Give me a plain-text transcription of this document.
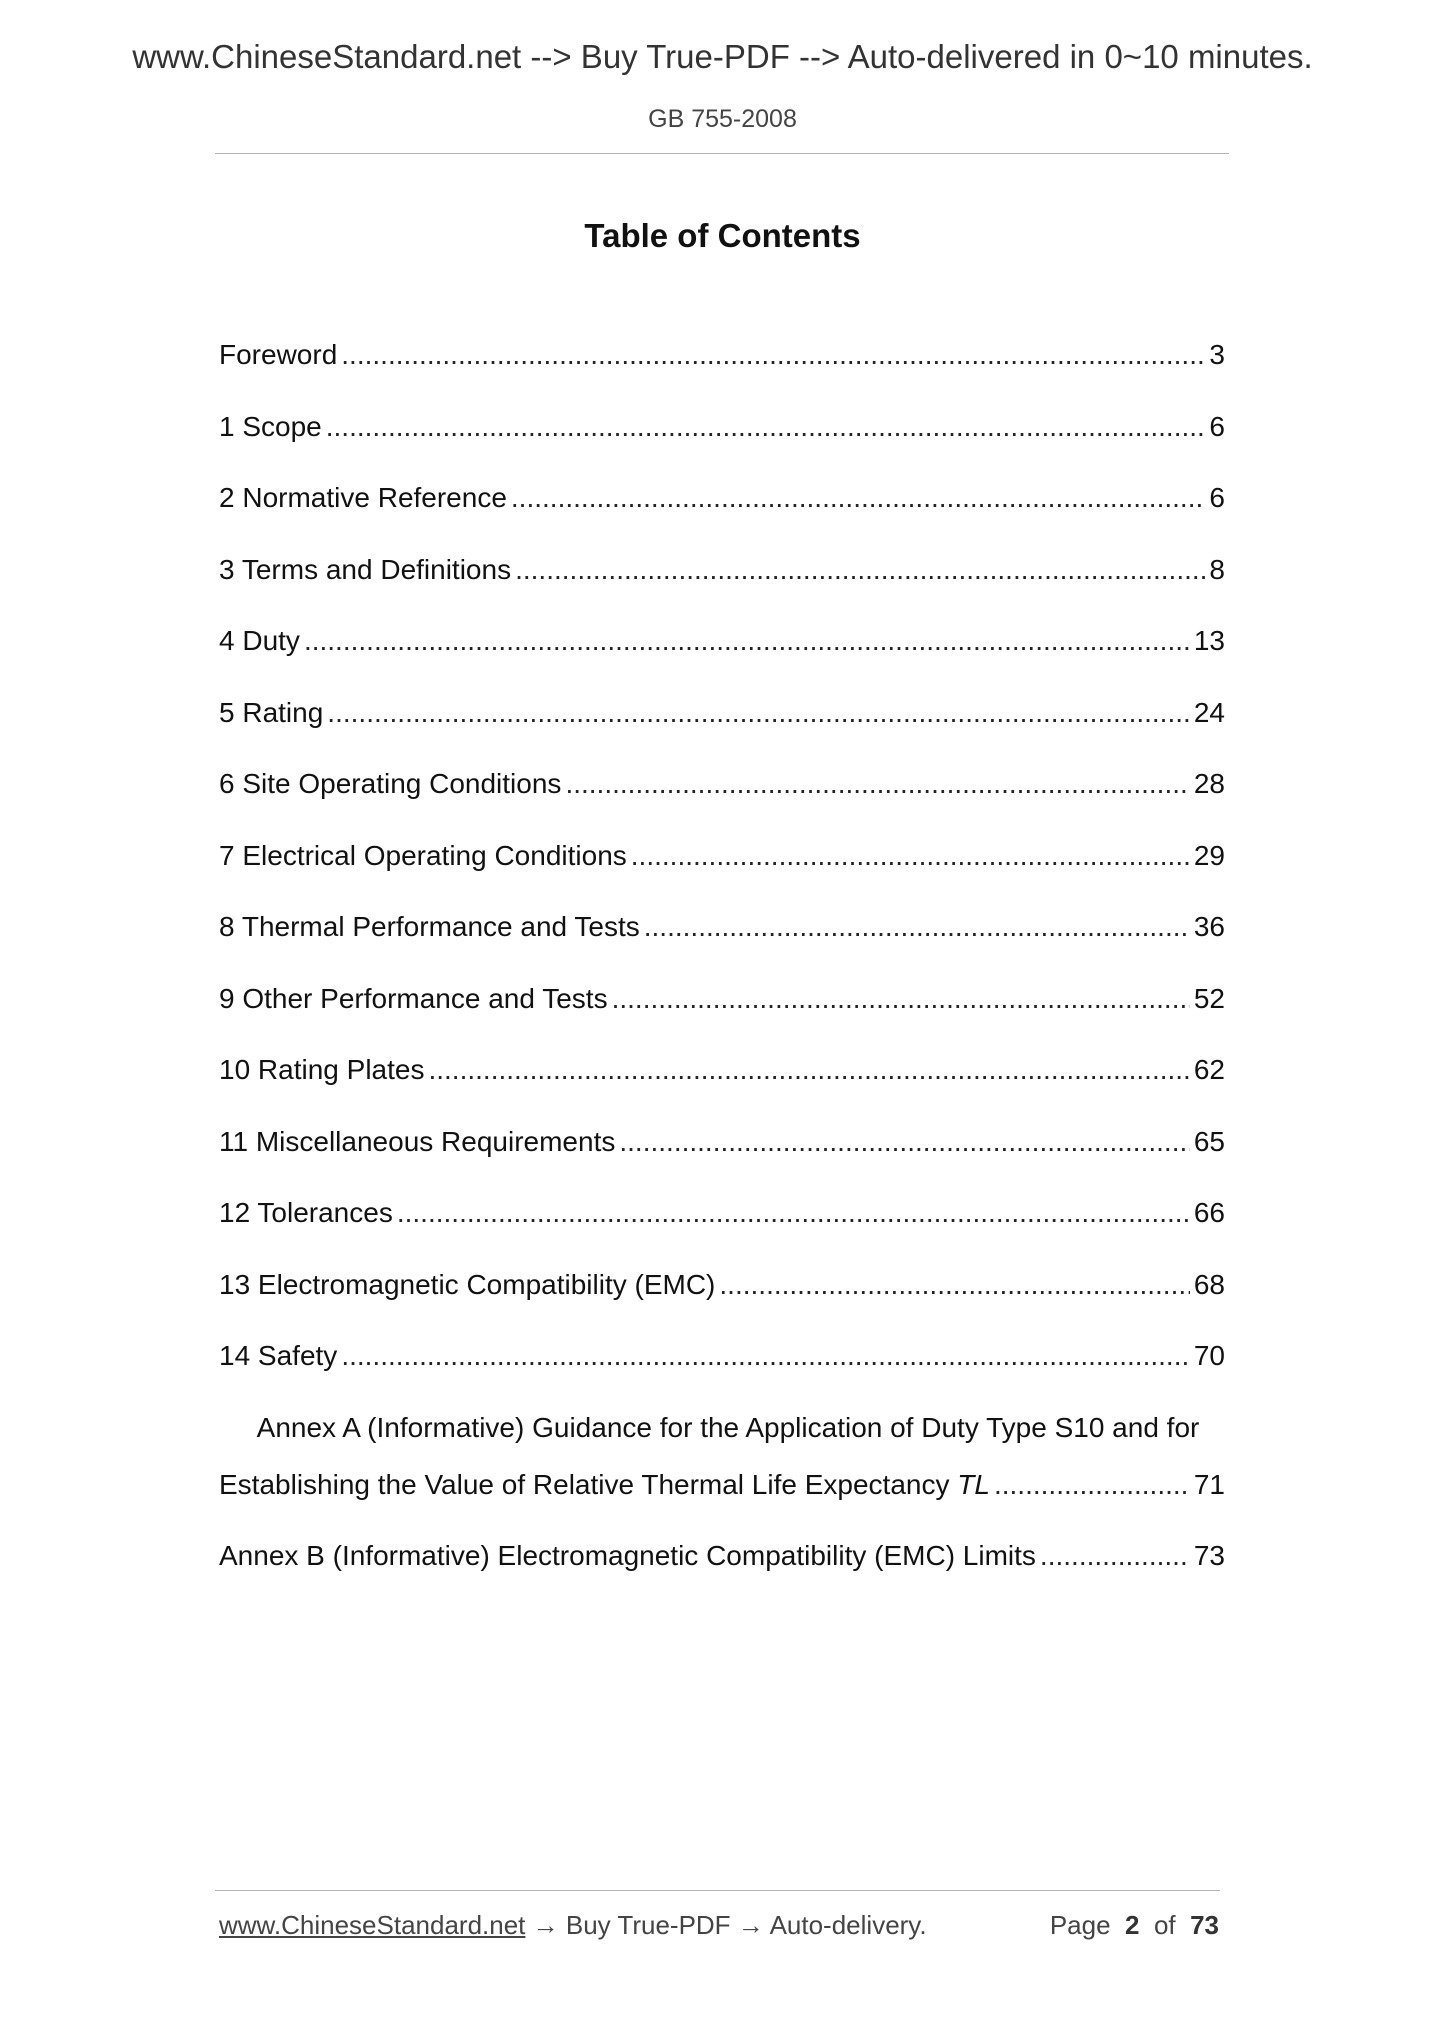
www.ChineseStandard.net --> Buy True-PDF --> Auto-delivered in 0~10 minutes.
GB 755-2008
Table of Contents
Foreword .....	3
1 Scope .....	6
2 Normative Reference .....	6
3 Terms and Definitions .....	8
4 Duty .....	13
5 Rating .....	24
6 Site Operating Conditions .....	28
7 Electrical Operating Conditions .....	29
8 Thermal Performance and Tests .....	36
9 Other Performance and Tests .....	52
10 Rating Plates .....	62
11 Miscellaneous Requirements .....	65
12 Tolerances .....	66
13 Electromagnetic Compatibility (EMC) .....	68
14 Safety .....	70
Annex A (Informative) Guidance for the Application of Duty Type S10 and for
Establishing the Value of Relative Thermal Life Expectancy TL .....	71
Annex B (Informative) Electromagnetic Compatibility (EMC) Limits .....	73
www.ChineseStandard.net → Buy True-PDF → Auto-delivery.	Page 2 of 73
